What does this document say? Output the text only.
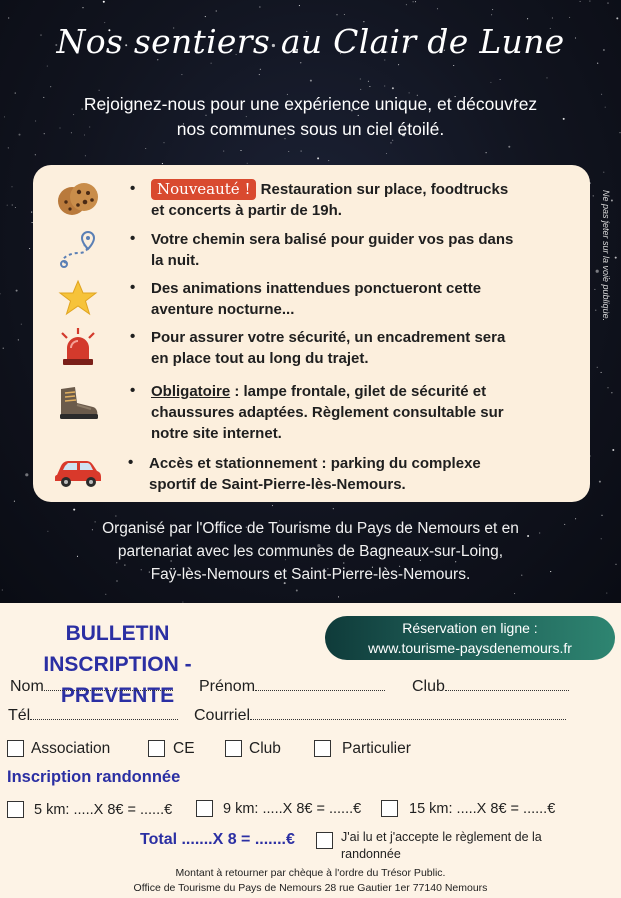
Nos sentiers au Clair de Lune
Rejoignez-nous pour une expérience unique, et découvrez
nos communes sous un ciel étoilé.
•	Nouveauté ! Restauration sur place, foodtrucks
et concerts à partir de 19h.
• Votre chemin sera balisé pour guider vos pas dans
la nuit.
• Des animations inattendues ponctueront cette
aventure nocturne...
• Pour assurer votre sécurité, un encadrement sera
en place tout au long du trajet.
• Obligatoire : lampe frontale, gilet de sécurité et
chaussures adaptées. Règlement consultable sur
notre site internet.
• Accès et stationnement : parking du complexe
sportif de Saint-Pierre-lès-Nemours.
Ne pas jeter sur la voie publique.
Organisé par l'Office de Tourisme du Pays de Nemours et en
partenariat avec les communes de Bagneaux-sur-Loing,
Faÿ-lès-Nemours et Saint-Pierre-lès-Nemours.
BULLETIN INSCRIPTION -
PREVENTE
Réservation en ligne :
www.tourisme-paysdenemours.fr
Nom	Prénom	Club
Tél	Courriel
Association	CE	Club	Particulier
Inscription randonnée
5 km: .....X 8€ = ......€	9 km: .....X 8€ = ......€	15 km: .....X 8€ = ......€
Total .......X 8 = .......€	J'ai lu et j'accepte le règlement de la
randonnée
Montant à retourner par chèque à l'ordre du Trésor Public.
Office de Tourisme du Pays de Nemours 28 rue Gautier 1er 77140 Nemours
